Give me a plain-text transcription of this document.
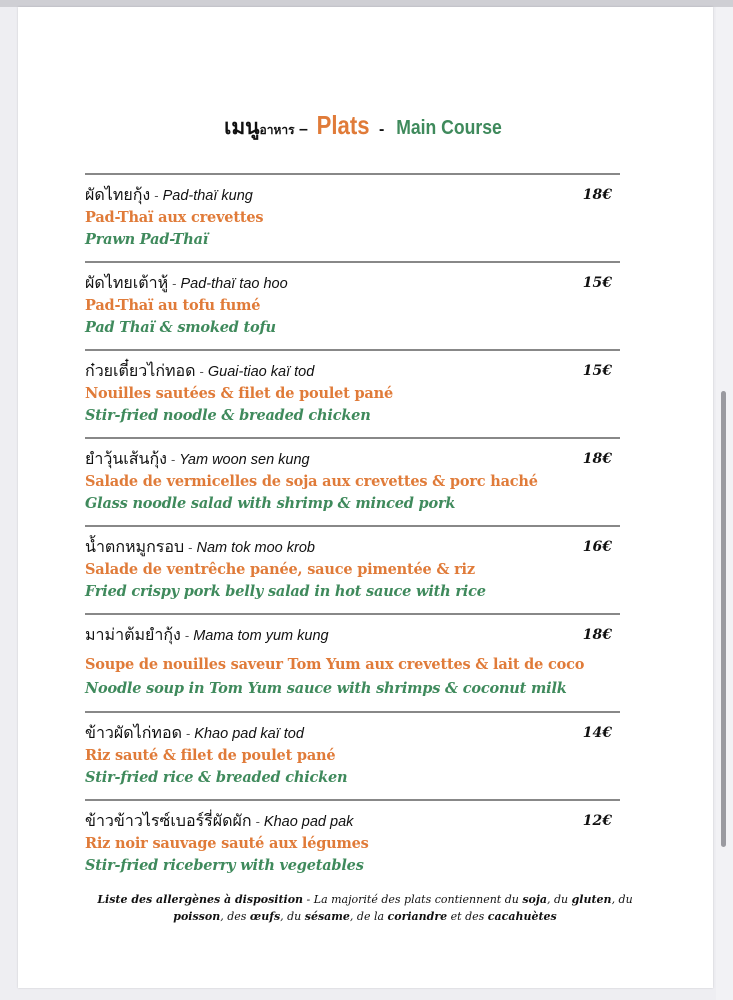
เมนูอาหาร – Plats - Main Course
ผัดไทยกุ้ง - Pad-thaï kung	18€
Pad-Thaï aux crevettes
Prawn Pad-Thaï
ผัดไทยเต้าหู้ - Pad-thaï tao hoo	15€
Pad-Thaï au tofu fumé
Pad Thaï & smoked tofu
ก๋วยเตี๋ยวไก่ทอด - Guai-tiao kaï tod	15€
Nouilles sautées & filet de poulet pané
Stir-fried noodle & breaded chicken
ยำวุ้นเส้นกุ้ง - Yam woon sen kung	18€
Salade de vermicelles de soja aux crevettes & porc haché
Glass noodle salad with shrimp & minced pork
น้ำตกหมูกรอบ - Nam tok moo krob	16€
Salade de ventrêche panée, sauce pimentée & riz
Fried crispy pork belly salad in hot sauce with rice
มาม่าต้มยำกุ้ง - Mama tom yum kung	18€
Soupe de nouilles saveur Tom Yum aux crevettes & lait de coco
Noodle soup in Tom Yum sauce with shrimps & coconut milk
ข้าวผัดไก่ทอด - Khao pad kaï tod	14€
Riz sauté & filet de poulet pané
Stir-fried rice & breaded chicken
ข้าวข้าวไรซ์เบอร์รี่ผัดผัก - Khao pad pak	12€
Riz noir sauvage sauté aux légumes
Stir-fried riceberry with vegetables
Liste des allergènes à disposition - La majorité des plats contiennent du soja, du gluten, du poisson, des œufs, du sésame, de la coriandre et des cacahuètes
